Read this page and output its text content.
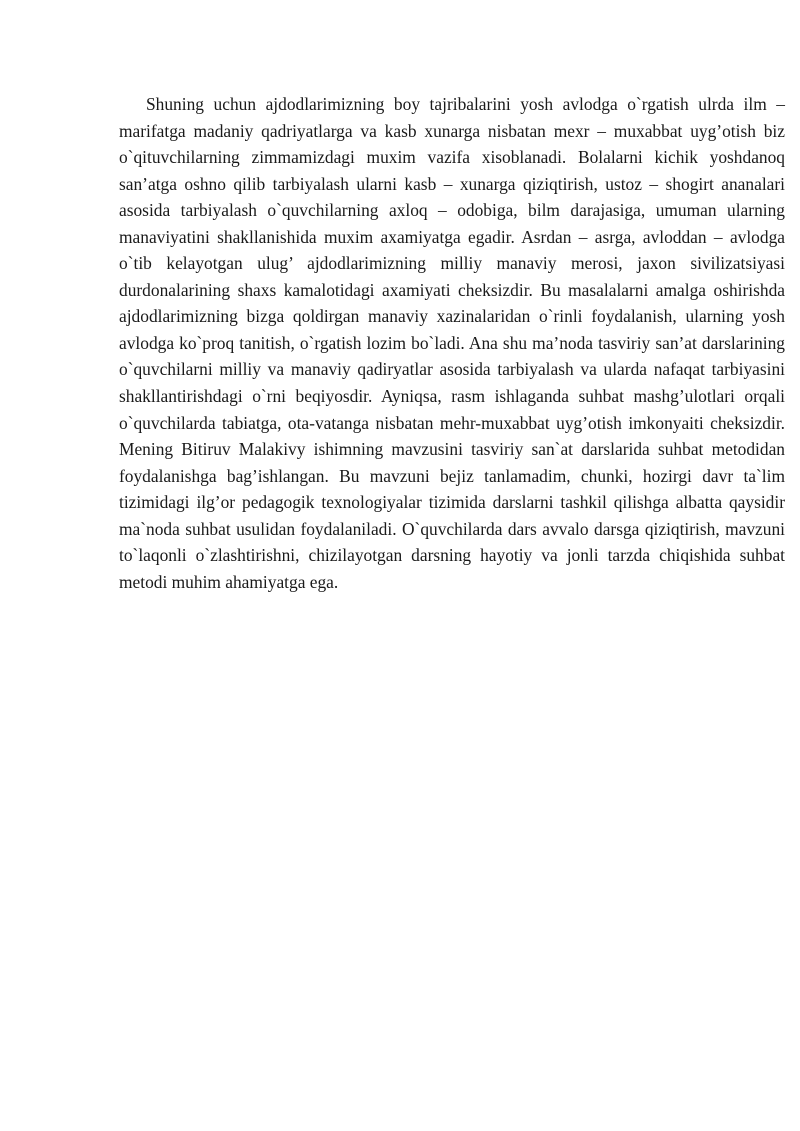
Shuning uchun ajdodlarimizning boy tajribalarini yosh avlodga o`rgatish ulrda ilm – marifatga madaniy qadriyatlarga va kasb xunarga nisbatan mexr – muxabbat uyg’otish biz o`qituvchilarning zimmamizdagi muxim vazifa xisoblanadi. Bolalarni kichik yoshdanoq san’atga oshno qilib tarbiyalash ularni kasb – xunarga qiziqtirish, ustoz – shogirt ananalari asosida tarbiyalash o`quvchilarning axloq – odobiga, bilm darajasiga, umuman ularning manaviyatini shakllanishida muxim axamiyatga egadir. Asrdan – asrga, avloddan – avlodga o`tib kelayotgan ulug’ ajdodlarimizning milliy manaviy merosi, jaxon sivilizatsiyasi durdonalarining shaxs kamalotidagi axamiyati cheksizdir. Bu masalalarni amalga oshirishda ajdodlarimizning bizga qoldirgan manaviy xazinalaridan o`rinli foydalanish, ularning yosh avlodga ko`proq tanitish, o`rgatish lozim bo`ladi. Ana shu ma’noda tasviriy san’at darslarining o`quvchilarni milliy va manaviy qadiryatlar asosida tarbiyalash va ularda nafaqat tarbiyasini shakllantirishdagi o`rni beqiyosdir. Ayniqsa, rasm ishlaganda suhbat mashg’ulotlari orqali o`quvchilarda tabiatga, ota-vatanga nisbatan mehr-muxabbat uyg’otish imkonyaiti cheksizdir. Mening Bitiruv Malakivy ishimning mavzusini tasviriy san`at darslarida suhbat metodidan foydalanishga bag’ishlangan. Bu mavzuni bejiz tanlamadim, chunki, hozirgi davr ta`lim tizimidagi ilg’or pedagogik texnologiyalar tizimida darslarni tashkil qilishga albatta qaysidir ma`noda suhbat usulidan foydalaniladi. O`quvchilarda dars avvalo darsga qiziqtirish, mavzuni to`laqonli o`zlashtirishni, chizilayotgan darsning hayotiy va jonli tarzda chiqishida suhbat metodi muhim ahamiyatga ega.
